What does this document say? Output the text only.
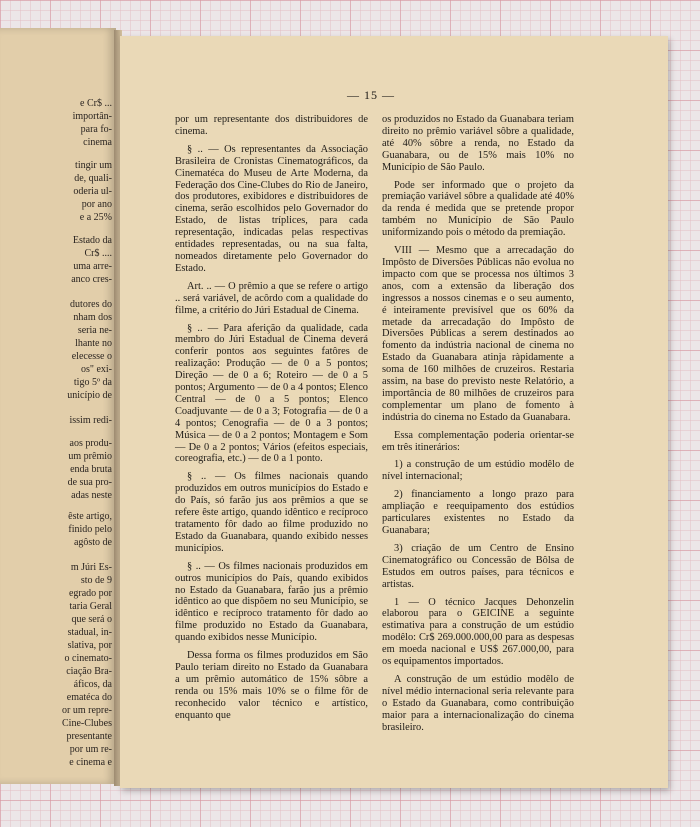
e Cr$ ...
importân-
para fo-
cinema
tingir um
de, quali-
oderia ul-
por ano
e a 25%
Estado da
Cr$ ....
uma arre-
anco cres-
dutores do
nham dos
seria ne-
lhante no
elecesse o
os" exi-
tigo 5º da
unicípio de
issim redi-
aos produ-
um prêmio
enda bruta
de sua pro-
adas neste
êste artigo,
finido pelo
agôsto de
m Júri Es-
sto de 9
egrado por
taria Geral
que será o
stadual, in-
slativa, por
o cinemato-
ciação Bra-
áficos, da
ematéca do
or um repre-
Cine-Clubes
presentante
por um re-
e cinema e
— 15 —

por um representante dos distribuidores de cinema.

§ .. — Os representantes da Associação Brasileira de Cronistas Cinematográficos, da Cinematéca do Museu de Arte Moderna, da Federação dos Cine-Clubes do Rio de Janeiro, dos produtores, exibidores e distribuidores de cinema, serão escolhidos pelo Governador do Estado, de listas tríplices, para cada representação, indicadas pelas respectivas entidades representadas, ou na sua falta, nomeados diretamente pelo Governador do Estado.

Art. .. — O prêmio a que se refere o artigo .. será variável, de acôrdo com a qualidade do filme, a critério do Júri Estadual de Cinema.

§ .. — Para aferição da qualidade, cada membro do Júri Estadual de Cinema deverá conferir pontos aos seguintes fatôres de realização: Produção — de 0 a 5 pontos; Direção — de 0 a 6; Roteiro — de 0 a 5 pontos; Argumento — de 0 a 4 pontos; Elenco Central — de 0 a 5 pontos; Elenco Coadjuvante — de 0 a 3; Fotografia — de 0 a 4 pontos; Cenografia — de 0 a 3 pontos; Música — de 0 a 2 pontos; Montagem e Som — De 0 a 2 pontos; Vários (efeitos especiais, coreografia, etc.) — de 0 a 1 ponto.

§ .. — Os filmes nacionais quando produzidos em outros municípios do Estado e do País, só farão jus aos prêmios a que se refere êste artigo, quando idêntico e recíproco tratamento fôr dado ao filme produzido no Estado da Guanabara, quando exibido nesses municípios.

§ .. — Os filmes nacionais produzidos em outros municípios do País, quando exibidos no Estado da Guanabara, farão jus a prêmio idêntico ao que dispõem no seu Município, se idêntico e recíproco tratamento fôr dado ao filme produzido no Estado da Guanabara, quando exibidos nesse Município.

Dessa forma os filmes produzidos em São Paulo teriam direito no Estado da Guanabara a um prêmio automático de 15% sôbre a renda ou 15% mais 10% se o filme fôr de reconhecido valor técnico e artístico, enquanto que

os produzidos no Estado da Guanabara teriam direito no prêmio variável sôbre a qualidade, até 40% sôbre a renda, no Estado da Guanabara, ou de 15% mais 10% no Município de São Paulo.

Pode ser informado que o projeto da premiação variável sôbre a qualidade até 40% da renda é medida que se pretende propor também no Município de São Paulo uniformizando pois o método da premiação.

VIII — Mesmo que a arrecadação do Impôsto de Diversões Públicas não evolua no impacto com que se processa nos últimos 3 anos, com a extensão da liberação dos ingressos a nossos cinemas e o seu aumento, é inteiramente previsível que os 60% da metade da arrecadação do Impôsto de Diversões Públicas a serem destinados ao fomento da indústria nacional de cinema no Estado da Guanabara atinja ràpidamente a soma de 160 milhões de cruzeiros. Restaria assim, na base do previsto neste Relatório, a importância de 80 milhões de cruzeiros para complementar um plano de fomento à indústria do cinema no Estado da Guanabara.

Essa complementação poderia orientar-se em três itinerários:

1) a construção de um estúdio modêlo de nível internacional;

2) financiamento a longo prazo para ampliação e reequipamento dos estúdios particulares existentes no Estado da Guanabara;

3) criação de um Centro de Ensino Cinematográfico ou Concessão de Bôlsa de Estudos em outros países, para técnicos e artistas.

1 — O técnico Jacques Dehonzelin elaborou para o GEICINE a seguinte estimativa para a construção de um estúdio modêlo: Cr$ 269.000.000,00 para as despesas em moeda nacional e US$ 267.000,00, para os equipamentos importados.

A construção de um estúdio modêlo de nível médio internacional seria relevante para o Estado da Guanabara, como contribuição maior para a internacionalização do cinema brasileiro.
